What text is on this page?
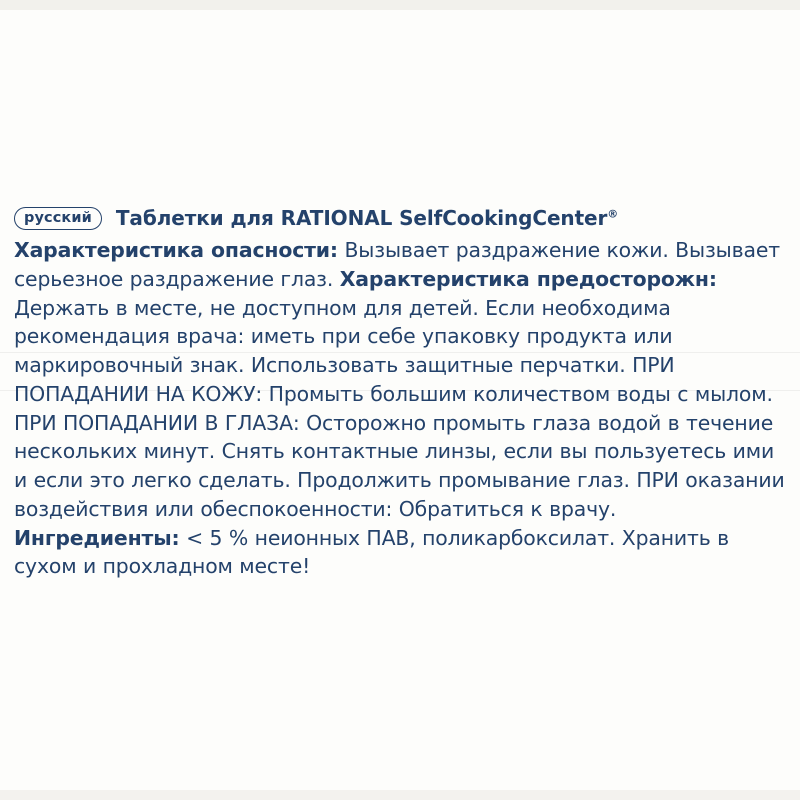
русский	Таблетки для RATIONAL SelfCookingCenter®
Характеристика опасности: Вызывает раздражение кожи. Вызывает серьезное раздражение глаз. Характеристика предосторожн: Держать в месте, не доступном для детей. Если необходима рекомендация врача: иметь при себе упаковку продукта или маркировочный знак. Использовать защитные перчатки. ПРИ ПОПАДАНИИ НА КОЖУ: Промыть большим количеством воды с мылом. ПРИ ПОПАДАНИИ В ГЛАЗА: Осторожно промыть глаза водой в течение нескольких минут. Снять контактные линзы, если вы пользуетесь ими и если это легко сделать. Продолжить промывание глаз. ПРИ оказании воздействия или обеспокоенности: Обратиться к врачу. Ингредиенты: < 5 % неионных ПАВ, поликарбоксилат. Хранить в сухом и прохладном месте!
